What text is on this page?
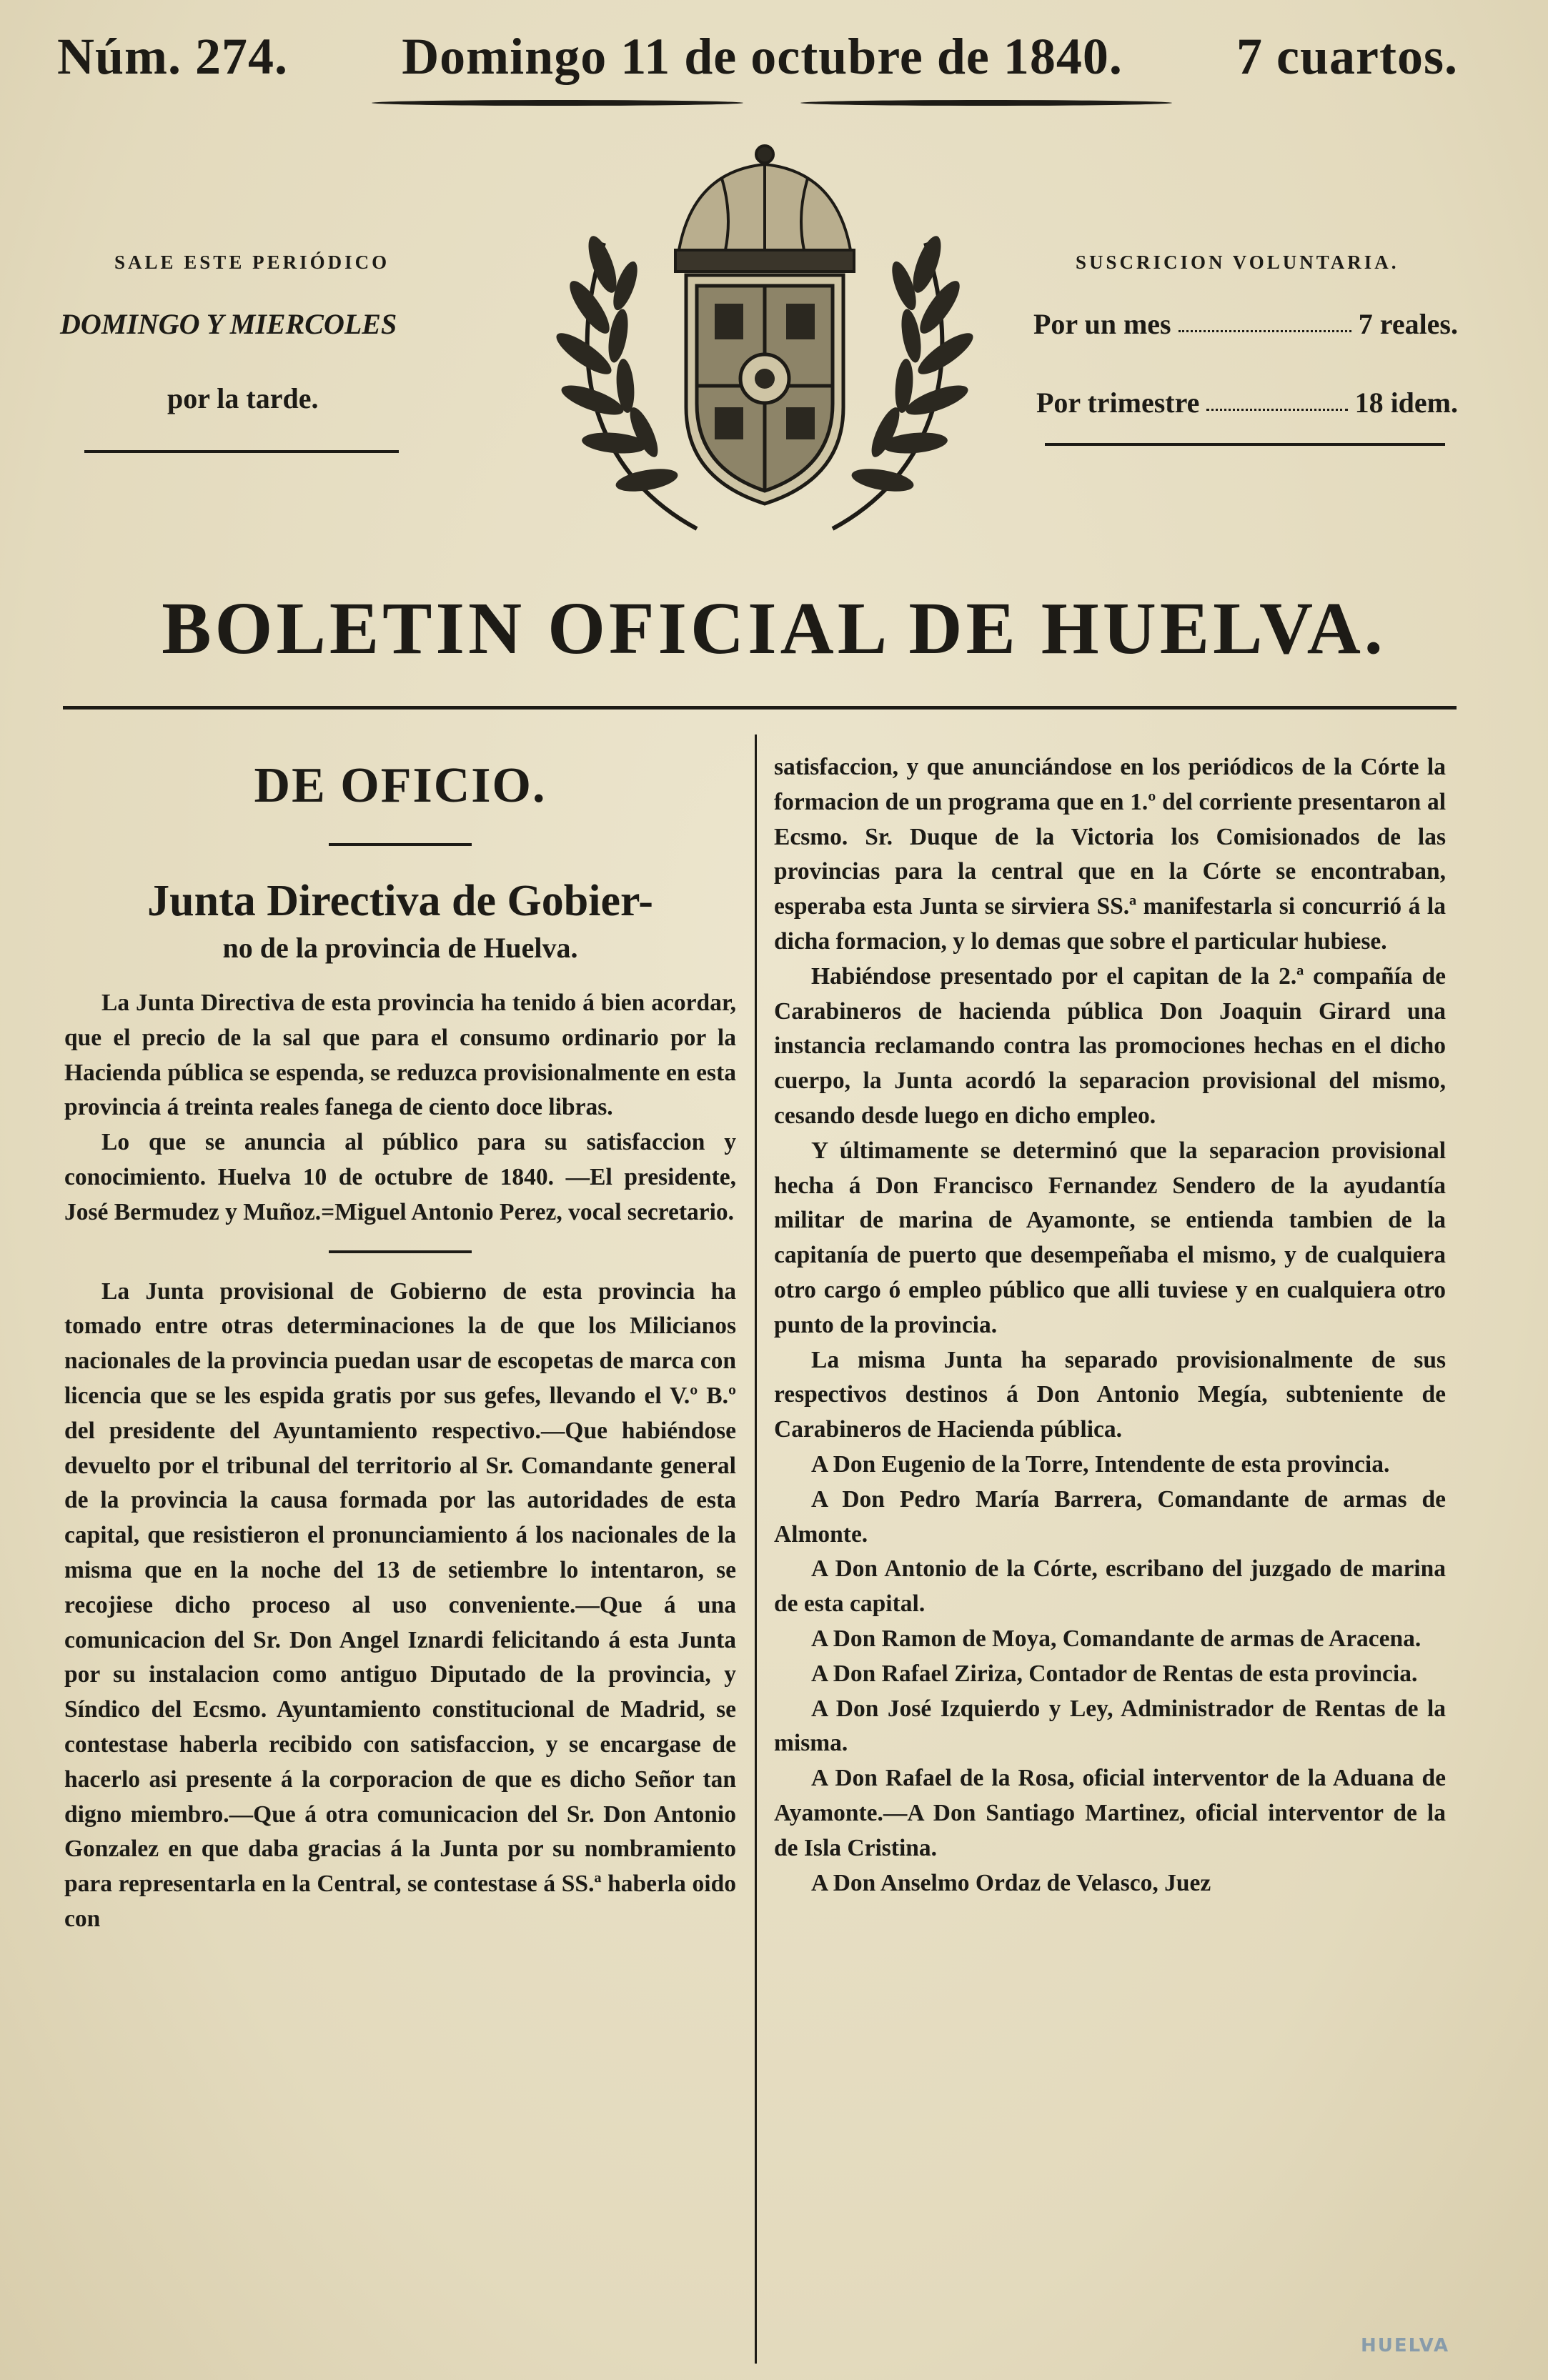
Núm. 274. Domingo 11 de octubre de 1840. 7 cuartos.
SALE ESTE PERIÓDICO
DOMINGO Y MIERCOLES
por la tarde.
SUSCRICION VOLUNTARIA.
Por un mes	7 reales.
Por trimestre	18 idem.
BOLETIN OFICIAL DE HUELVA.
DE OFICIO.
Junta Directiva de Gobier-
no de la provincia de Huelva.

La Junta Directiva de esta provincia ha tenido á bien acordar, que el precio de la sal que para el consumo ordinario por la Hacienda pública se espenda, se reduzca provisionalmente en esta provincia á treinta reales fanega de ciento doce libras.

Lo que se anuncia al público para su satisfaccion y conocimiento. Huelva 10 de octubre de 1840. —El presidente, José Bermudez y Muñoz.=Miguel Antonio Perez, vocal secretario.

La Junta provisional de Gobierno de esta provincia ha tomado entre otras determinaciones la de que los Milicianos nacionales de la provincia puedan usar de escopetas de marca con licencia que se les espida gratis por sus gefes, llevando el V.º B.º del presidente del Ayuntamiento respectivo.—Que habiéndose devuelto por el tribunal del territorio al Sr. Comandante general de la provincia la causa formada por las autoridades de esta capital, que resistieron el pronunciamiento á los nacionales de la misma que en la noche del 13 de setiembre lo intentaron, se recojiese dicho proceso al uso conveniente.—Que á una comunicacion del Sr. Don Angel Iznardi felicitando á esta Junta por su instalacion como antiguo Diputado de la provincia, y Síndico del Ecsmo. Ayuntamiento constitucional de Madrid, se contestase haberla recibido con satisfaccion, y se encargase de hacerlo asi presente á la corporacion de que es dicho Señor tan digno miembro.—Que á otra comunicacion del Sr. Don Antonio Gonzalez en que daba gracias á la Junta por su nombramiento para representarla en la Central, se contestase á SS.ª haberla oido con

satisfaccion, y que anunciándose en los periódicos de la Córte la formacion de un programa que en 1.º del corriente presentaron al Ecsmo. Sr. Duque de la Victoria los Comisionados de las provincias para la central que en la Córte se encontraban, esperaba esta Junta se sirviera SS.ª manifestarla si concurrió á la dicha formacion, y lo demas que sobre el particular hubiese.

Habiéndose presentado por el capitan de la 2.ª compañía de Carabineros de hacienda pública Don Joaquin Girard una instancia reclamando contra las promociones hechas en el dicho cuerpo, la Junta acordó la separacion provisional del mismo, cesando desde luego en dicho empleo.

Y últimamente se determinó que la separacion provisional hecha á Don Francisco Fernandez Sendero de la ayudantía militar de marina de Ayamonte, se entienda tambien de la capitanía de puerto que desempeñaba el mismo, y de cualquiera otro cargo ó empleo público que alli tuviese y en cualquiera otro punto de la provincia.

La misma Junta ha separado provisionalmente de sus respectivos destinos á Don Antonio Megía, subteniente de Carabineros de Hacienda pública.

A Don Eugenio de la Torre, Intendente de esta provincia.

A Don Pedro María Barrera, Comandante de armas de Almonte.

A Don Antonio de la Córte, escribano del juzgado de marina de esta capital.

A Don Ramon de Moya, Comandante de armas de Aracena.

A Don Rafael Ziriza, Contador de Rentas de esta provincia.

A Don José Izquierdo y Ley, Administrador de Rentas de la misma.

A Don Rafael de la Rosa, oficial interventor de la Aduana de Ayamonte.—A Don Santiago Martinez, oficial interventor de la de Isla Cristina.

A Don Anselmo Ordaz de Velasco, Juez

HUELVA
